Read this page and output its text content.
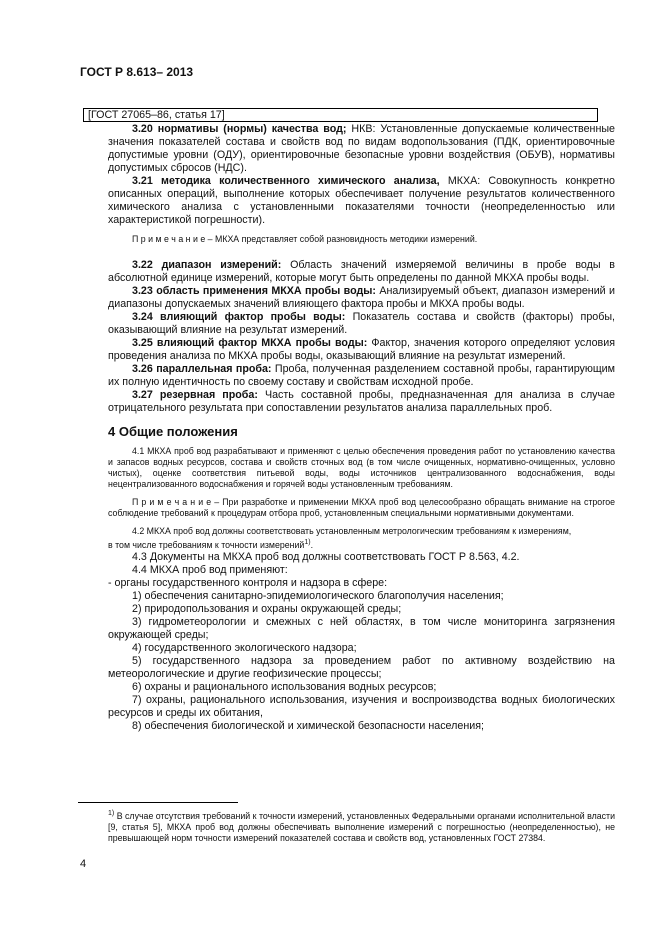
ГОСТ Р 8.613– 2013
[ГОСТ 27065–86, статья 17]
3.20 нормативы (нормы) качества вод; НКВ: Установленные допускаемые количественные значения показателей состава и свойств вод по видам водопользования (ПДК, ориентировочные допустимые уровни (ОДУ), ориентировочные безопасные уровни воздействия (ОБУВ), нормативы допустимых сбросов (НДС).
3.21 методика количественного химического анализа, МКХА: Совокупность конкретно описанных операций, выполнение которых обеспечивает получение результатов количественного химического анализа с установленными показателями точности (неопределенностью или характеристикой погрешности).
П р и м е ч а н и е – МКХА представляет собой разновидность методики измерений.
3.22 диапазон измерений: Область значений измеряемой величины в пробе воды в абсолютной единице измерений, которые могут быть определены по данной МКХА пробы воды.
3.23 область применения МКХА пробы воды: Анализируемый объект, диапазон измерений и диапазоны допускаемых значений влияющего фактора пробы и МКХА пробы воды.
3.24 влияющий фактор пробы воды: Показатель состава и свойств (факторы) пробы, оказывающий влияние на результат измерений.
3.25 влияющий фактор МКХА пробы воды: Фактор, значения которого определяют условия проведения анализа по МКХА пробы воды, оказывающий влияние на результат измерений.
3.26 параллельная проба: Проба, полученная разделением составной пробы, гарантирующим их полную идентичность по своему составу и свойствам исходной пробе.
3.27 резервная проба: Часть составной пробы, предназначенная для анализа в случае отрицательного результата при сопоставлении результатов анализа параллельных проб.
4 Общие положения
4.1 МКХА проб вод разрабатывают и применяют с целью обеспечения проведения работ по установлению качества и запасов водных ресурсов, состава и свойств сточных вод (в том числе очищенных, нормативно-очищенных, условно чистых), оценке соответствия питьевой воды, воды источников централизованного водоснабжения, воды нецентрализованного водоснабжения и горячей воды установленным требованиям.
П р и м е ч а н и е – При разработке и применении МКХА проб вод целесообразно обращать внимание на строгое соблюдение требований к процедурам отбора проб, установленным специальными нормативными документами.
4.2 МКХА проб вод должны соответствовать установленным метрологическим требованиям к измерениям,
в том числе требованиям к точности измерений$^{1)}$.
4.3 Документы на МКХА проб вод должны соответствовать ГОСТ Р 8.563, 4.2.
4.4 МКХА проб вод применяют:
- органы государственного контроля и надзора в сфере:
1) обеспечения санитарно-эпидемиологического благополучия населения;
2) природопользования и охраны окружающей среды;
3) гидрометеорологии и смежных с ней областях, в том числе мониторинга загрязнения окружающей среды;
4) государственного экологического надзора;
5) государственного надзора за проведением работ по активному воздействию на метеорологические и другие геофизические процессы;
6) охраны и рационального использования водных ресурсов;
7) охраны, рационального использования, изучения и воспроизводства водных биологических ресурсов и среды их обитания,
8) обеспечения биологической и химической безопасности населения;
$^{1)}$ В случае отсутствия требований к точности измерений, установленных Федеральными органами исполнительной власти [9, статья 5], МКХА проб вод должны обеспечивать выполнение измерений с погрешностью (неопределенностью), не превышающей норм точности измерений показателей состава и свойств вод, установленных ГОСТ 27384.
4
